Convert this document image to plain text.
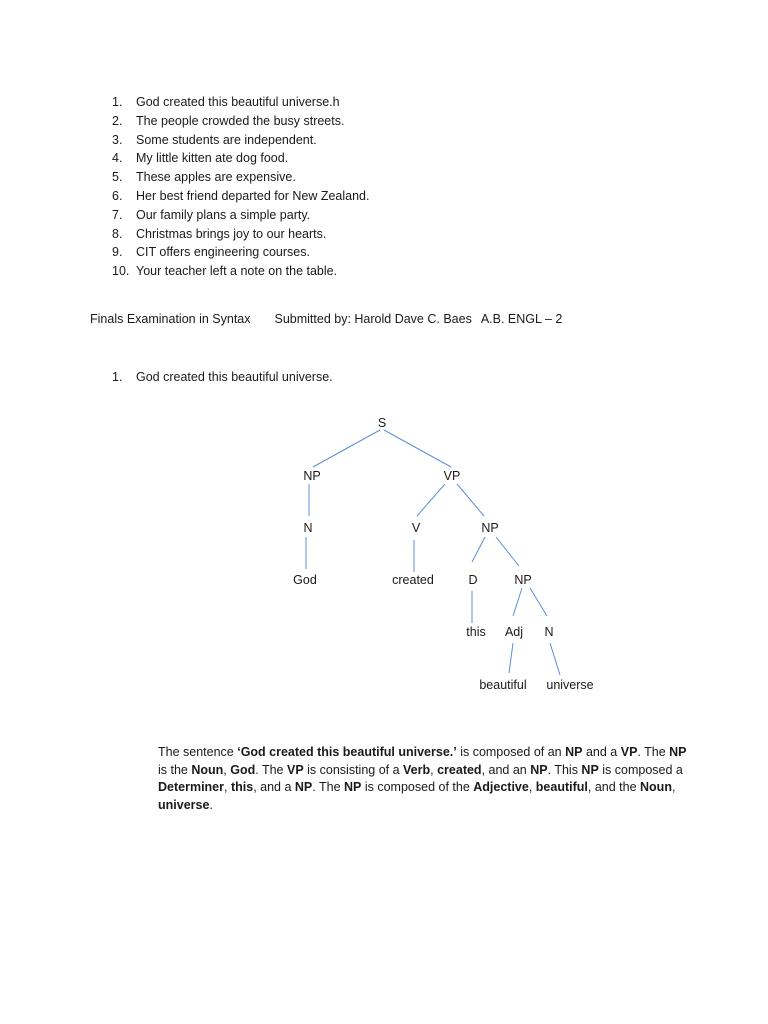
1. God created this beautiful universe.h
2. The people crowded the busy streets.
3. Some students are independent.
4. My little kitten ate dog food.
5. These apples are expensive.
6. Her best friend departed for New Zealand.
7. Our family plans a simple party.
8. Christmas brings joy to our hearts.
9. CIT offers engineering courses.
10. Your teacher left a note on the table.
Finals Examination in Syntax Submitted by: Harold Dave C. Baes A.B. ENGL – 2
1. God created this beautiful universe.
S
NP	VP
N	V	NP
God	created	D	NP
this Adj N
beautiful universe

The sentence ‘God created this beautiful universe.’ is composed of an NP and a VP. The NP is the Noun, God. The VP is consisting of a Verb, created, and an NP. This NP is composed a Determiner, this, and a NP. The NP is composed of the Adjective, beautiful, and the Noun, universe.
